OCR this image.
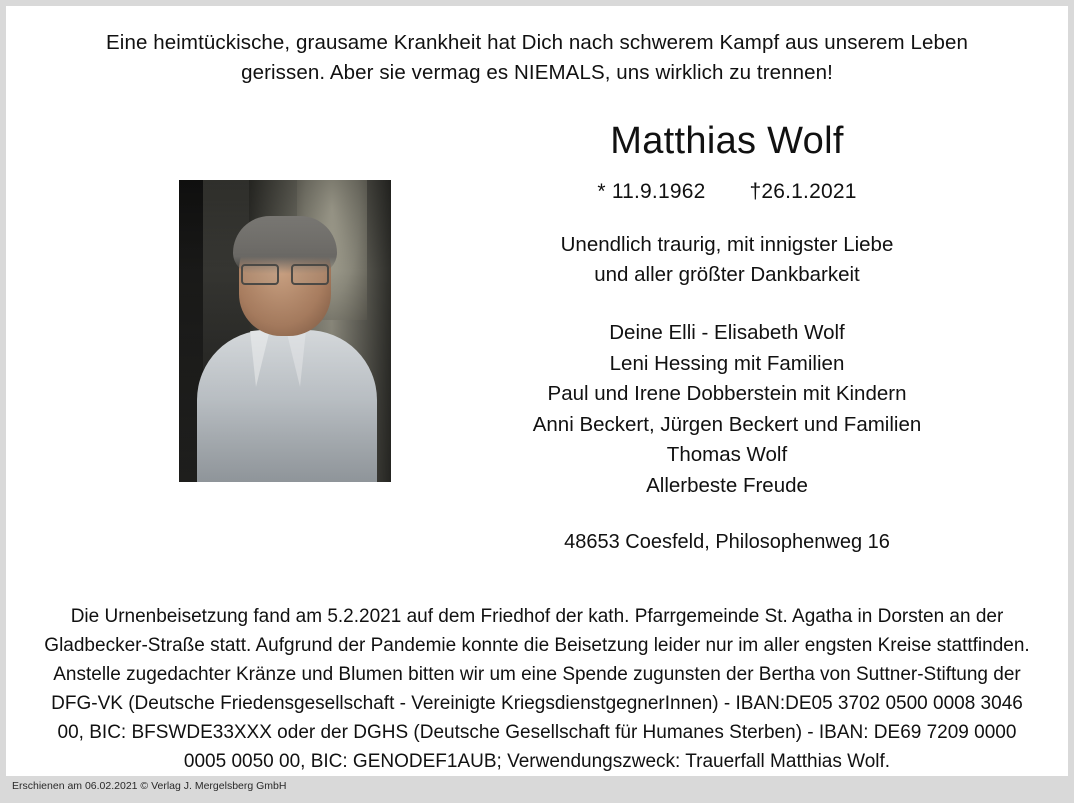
Eine heimtückische, grausame Krankheit hat Dich nach schwerem Kampf aus unserem Leben gerissen. Aber sie vermag es NIEMALS, uns wirklich zu trennen!

Matthias Wolf
* 11.9.1962 †26.1.2021
Unendlich traurig, mit innigster Liebe
und aller größter Dankbarkeit
Deine Elli - Elisabeth Wolf
Leni Hessing mit Familien
Paul und Irene Dobberstein mit Kindern
Anni Beckert, Jürgen Beckert und Familien
Thomas Wolf
Allerbeste Freude
48653 Coesfeld, Philosophenweg 16
Die Urnenbeisetzung fand am 5.2.2021 auf dem Friedhof der kath. Pfarrgemeinde St. Agatha in Dorsten an der Gladbecker-Straße statt. Aufgrund der Pandemie konnte die Beisetzung leider nur im aller engsten Kreise stattfinden. Anstelle zugedachter Kränze und Blumen bitten wir um eine Spende zugunsten der Bertha von Suttner-Stiftung der DFG-VK (Deutsche Friedensgesellschaft - Vereinigte KriegsdienstgegnerInnen) - IBAN:DE05 3702 0500 0008 3046 00, BIC: BFSWDE33XXX oder der DGHS (Deutsche Gesellschaft für Humanes Sterben) - IBAN: DE69 7209 0000 0005 0050 00, BIC: GENODEF1AUB; Verwendungszweck: Trauerfall Matthias Wolf.
Erschienen am 06.02.2021 © Verlag J. Mergelsberg GmbH
